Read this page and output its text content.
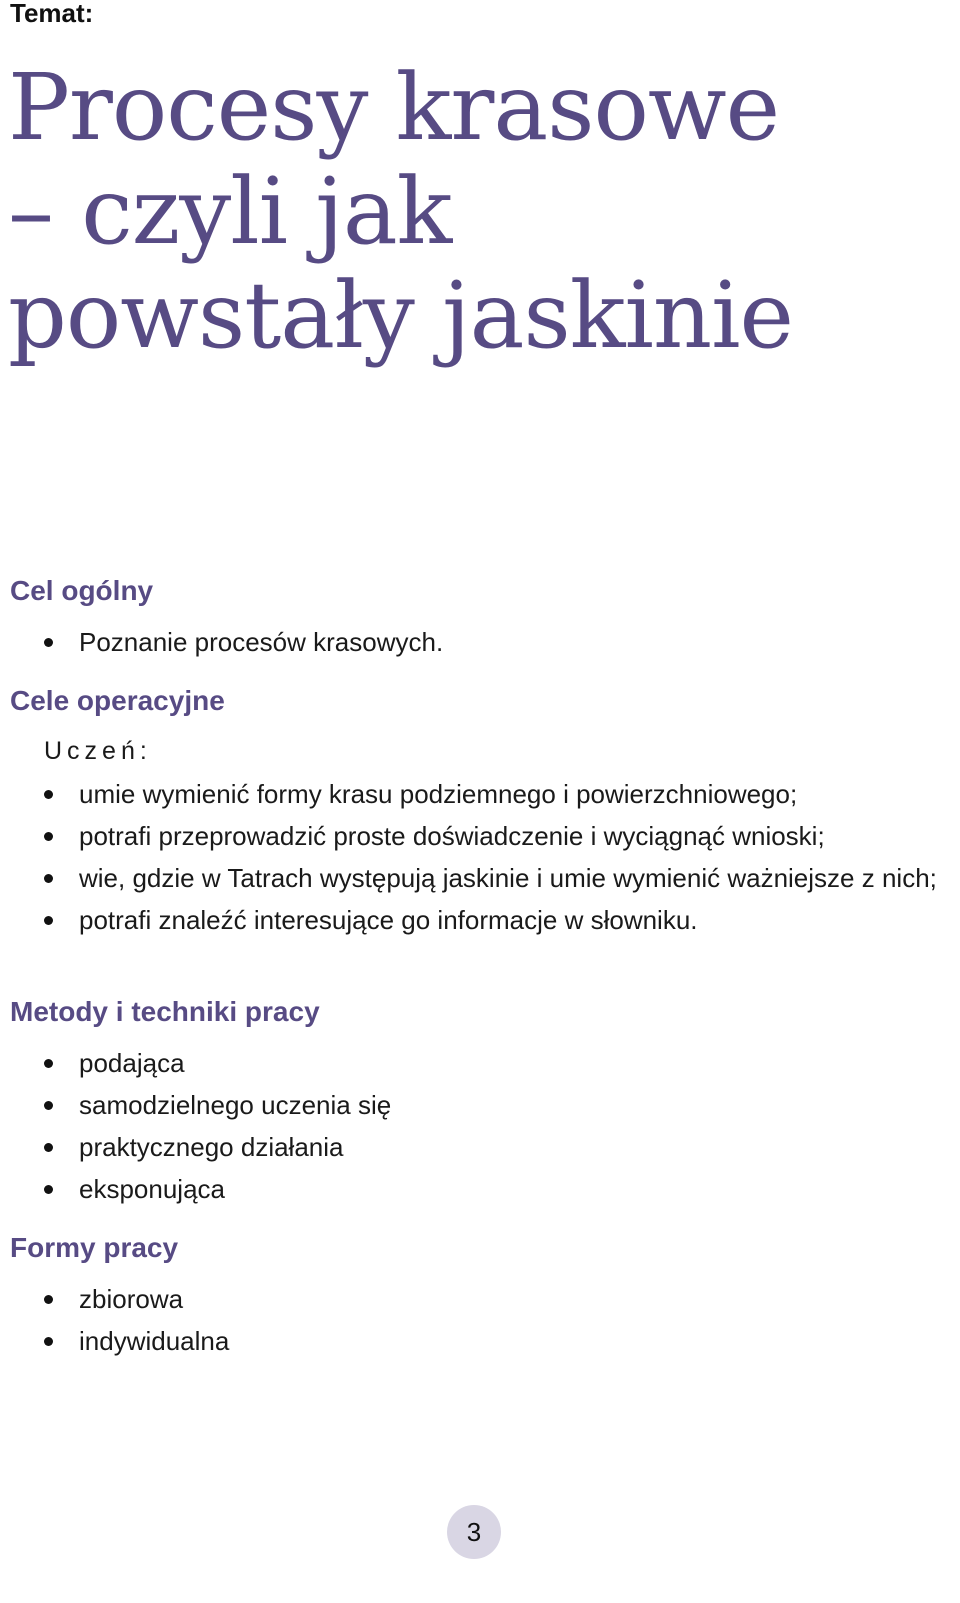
Temat:

Procesy krasowe
– czyli jak
powstały jaskinie
Cel ogólny
Poznanie procesów krasowych.
Cele operacyjne

Uczeń:

umie wymienić formy krasu podziemnego i powierzchniowego;
potrafi przeprowadzić proste doświadczenie i wyciągnąć wnioski;
wie, gdzie w Tatrach występują jaskinie i umie wymienić ważniejsze z nich;
potrafi znaleźć interesujące go informacje w słowniku.
Metody i techniki pracy
podająca
samodzielnego uczenia się
praktycznego działania
eksponująca
Formy pracy
zbiorowa
indywidualna
3
